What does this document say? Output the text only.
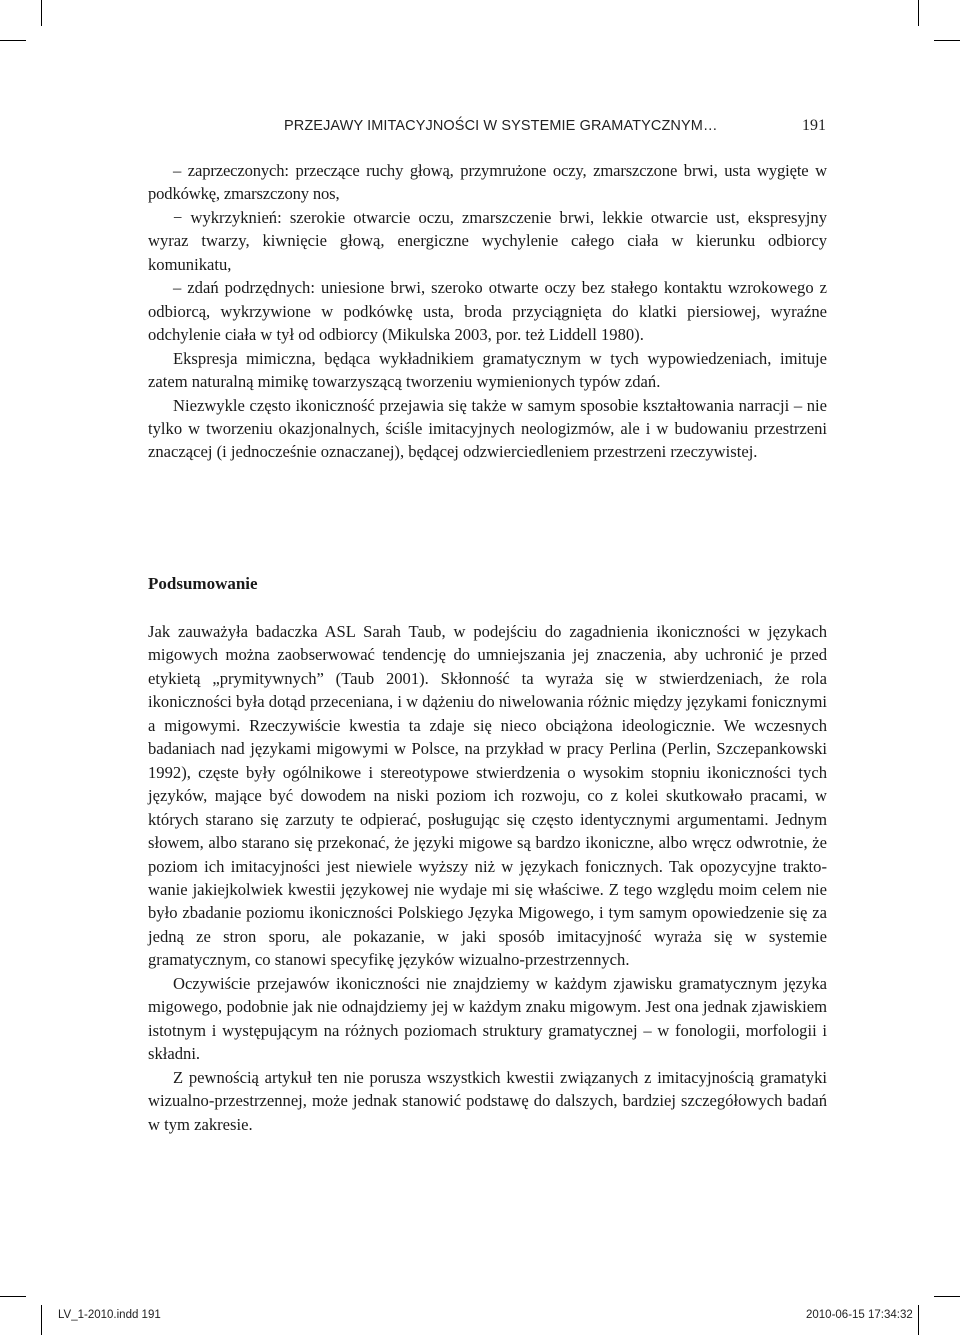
PRZEJAWY IMITACYJNOŚCI W SYSTEMIE GRAMATYCZNYM…	191

– zaprzeczonych: przeczące ruchy głową, przymrużone oczy, zmarszczone brwi, usta wygięte w podkówkę, zmarszczony nos,

− wykrzyknień: szerokie otwarcie oczu, zmarszczenie brwi, lekkie otwarcie ust, ekspresyjny wyraz twarzy, kiwnięcie głową, energiczne wychylenie całego ciała w kierunku odbiorcy komunikatu,

– zdań podrzędnych: uniesione brwi, szeroko otwarte oczy bez stałego kontaktu wzrokowego z odbiorcą, wykrzywione w podkówkę usta, broda przyciągnięta do klatki piersiowej, wyraźne odchylenie ciała w tył od odbiorcy (Mikulska 2003, por. też Liddell 1980).

Ekspresja mimiczna, będąca wykładnikiem gramatycznym w tych wypowiedzeniach, imituje zatem naturalną mimikę towarzyszącą tworzeniu wymienionych typów zdań.

Niezwykle często ikoniczność przejawia się także w samym sposobie kształtowania narracji – nie tylko w tworzeniu okazjonalnych, ściśle imitacyjnych neologizmów, ale i w budowaniu przestrzeni znaczącej (i jednocześnie oznaczanej), będącej odzwierciedleniem przestrzeni rzeczywistej.

Podsumowanie

Jak zauważyła badaczka ASL Sarah Taub, w podejściu do zagadnienia ikoniczności w językach migowych można zaobserwować tendencję do umniejszania jej znaczenia, aby uchronić je przed etykietą „prymitywnych” (Taub 2001). Skłonność ta wyraża się w stwierdzeniach, że rola ikoniczności była dotąd przeceniana, i w dążeniu do niwelowania różnic między językami fonicznymi a migowymi. Rzeczywiście kwestia ta zdaje się nieco obciążona ideologicznie. We wczesnych badaniach nad językami migowymi w Polsce, na przykład w pracy Perlina (Perlin, Szczepankowski 1992), częste były ogólnikowe i stereotypowe stwierdzenia o wysokim stopniu ikoniczności tych języków, mające być dowodem na niski poziom ich rozwoju, co z kolei skutkowało pracami, w których starano się zarzuty te odpierać, posługując się często identycznymi argumentami. Jednym słowem, albo starano się przekonać, że języki migowe są bardzo ikoniczne, albo wręcz odwrotnie, że poziom ich imitacyjności jest niewiele wyższy niż w językach fonicznych. Tak opozycyjne traktowanie jakiejkolwiek kwestii językowej nie wydaje mi się właściwe. Z tego względu moim celem nie było zbadanie poziomu ikoniczności Polskiego Języka Migowego, i tym samym opowiedzenie się za jedną ze stron sporu, ale pokazanie, w jaki sposób imitacyjność wyraża się w systemie gramatycznym, co stanowi specyfikę języków wizualno-przestrzennych.

Oczywiście przejawów ikoniczności nie znajdziemy w każdym zjawisku gramatycznym języka migowego, podobnie jak nie odnajdziemy jej w każdym znaku migowym. Jest ona jednak zjawiskiem istotnym i występującym na różnych poziomach struktury gramatycznej – w fonologii, morfologii i składni.

Z pewnością artykuł ten nie porusza wszystkich kwestii związanych z imitacyjnością gramatyki wizualno-przestrzennej, może jednak stanowić podstawę do dalszych, bardziej szczegółowych badań w tym zakresie.

LV_1-2010.indd 191	2010-06-15 17:34:32
